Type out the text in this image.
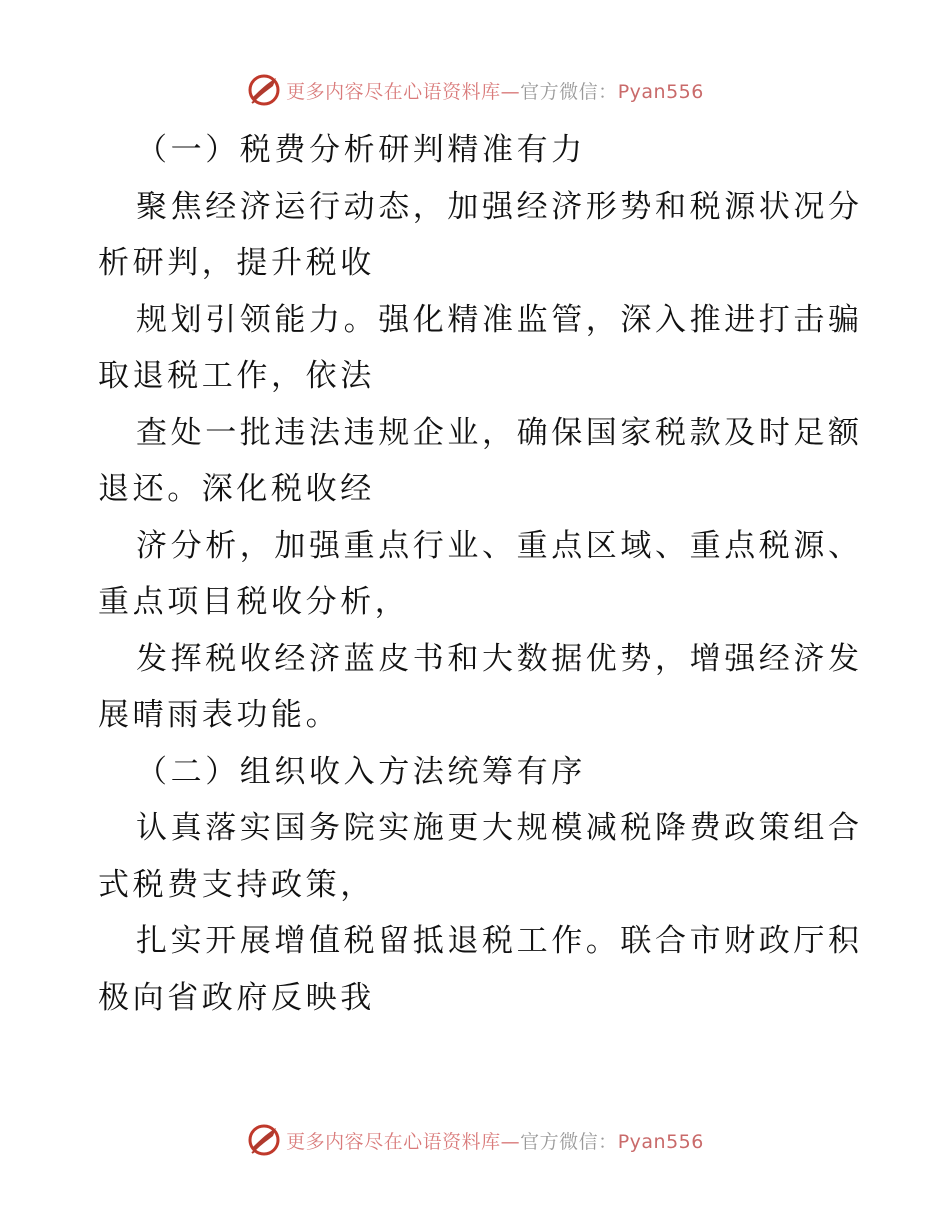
更多内容尽在心语资料库—官方微信：Pyan556
（一）税费分析研判精准有力
聚焦经济运行动态，加强经济形势和税源状况分
析研判，提升税收
规划引领能力。强化精准监管，深入推进打击骗
取退税工作，依法
查处一批违法违规企业，确保国家税款及时足额
退还。深化税收经
济分析，加强重点行业、重点区域、重点税源、
重点项目税收分析，
发挥税收经济蓝皮书和大数据优势，增强经济发
展晴雨表功能。
（二）组织收入方法统筹有序
认真落实国务院实施更大规模减税降费政策组合
式税费支持政策，
扎实开展增值税留抵退税工作。联合市财政厅积
极向省政府反映我
更多内容尽在心语资料库—官方微信：Pyan556
